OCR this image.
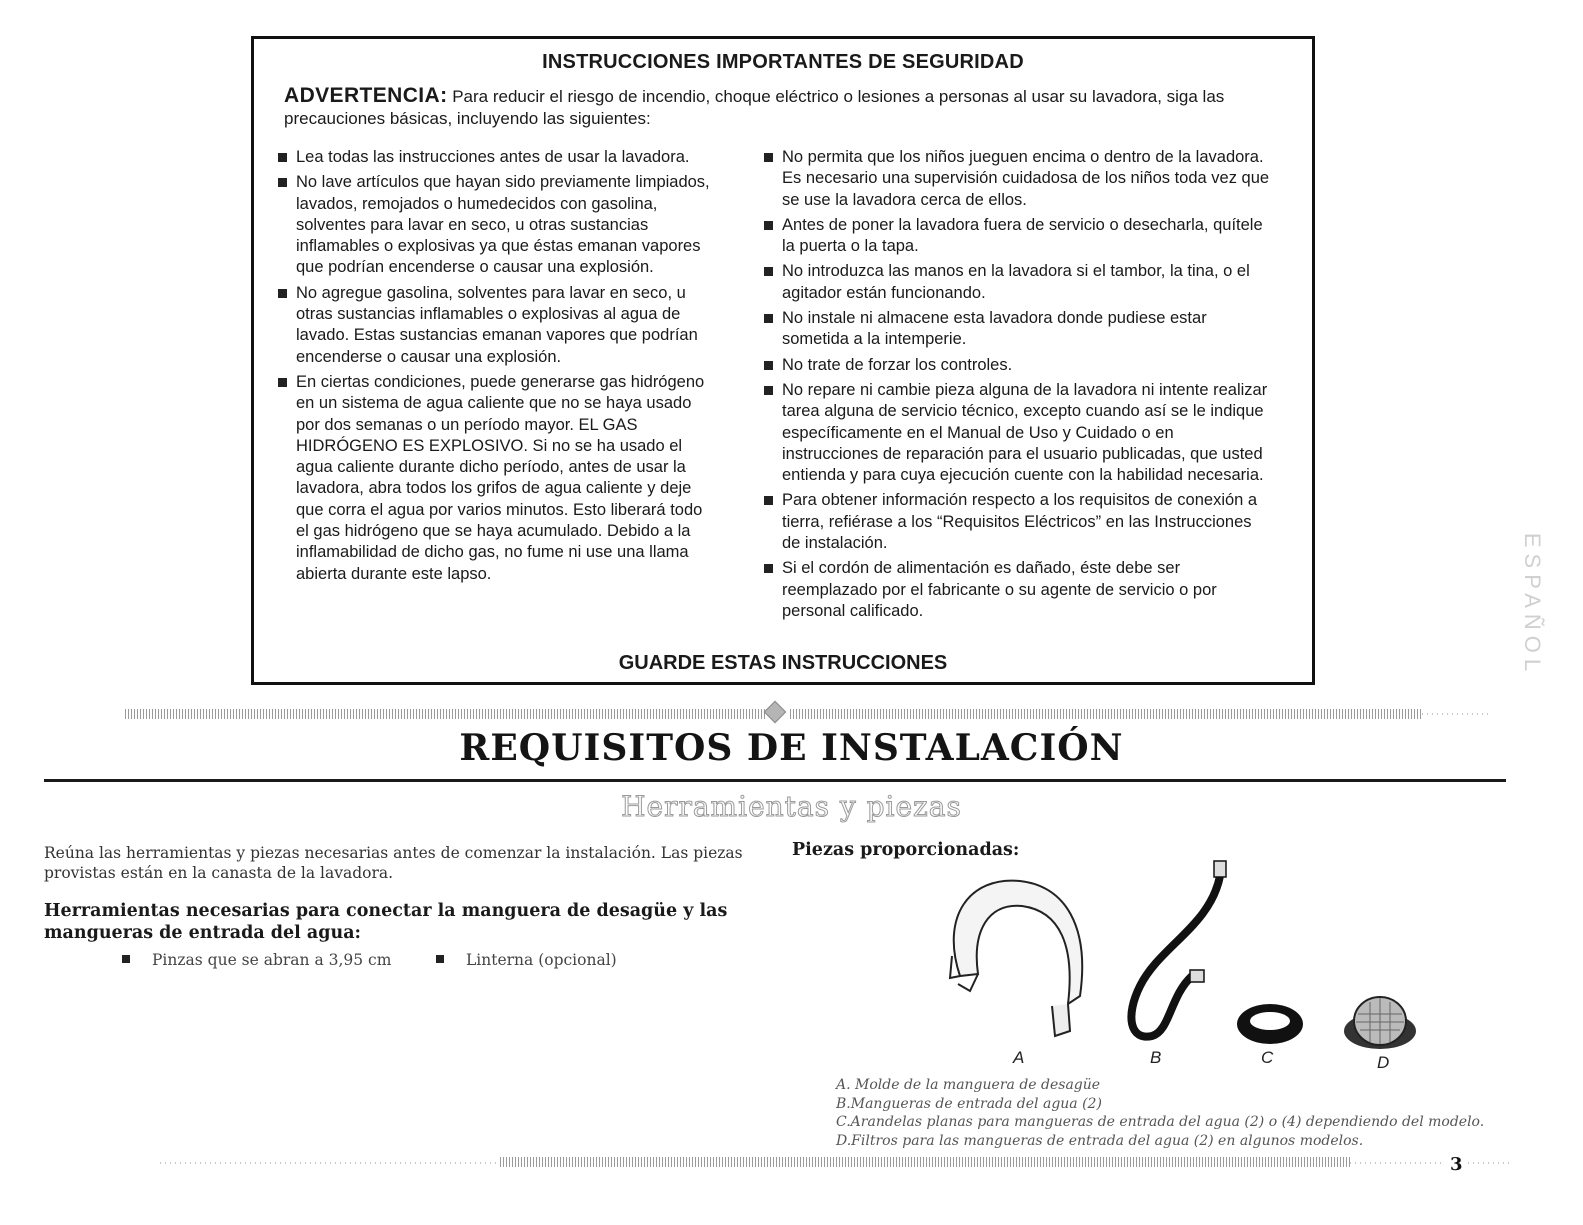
INSTRUCCIONES IMPORTANTES DE SEGURIDAD
ADVERTENCIA: Para reducir el riesgo de incendio, choque eléctrico o lesiones a personas al usar su lavadora, siga las precauciones básicas, incluyendo las siguientes:
Lea todas las instrucciones antes de usar la lavadora.
No lave artículos que hayan sido previamente limpiados, lavados, remojados o humedecidos con gasolina, solventes para lavar en seco, u otras sustancias inflamables o explosivas ya que éstas emanan vapores que podrían encenderse o causar una explosión.
No agregue gasolina, solventes para lavar en seco, u otras sustancias inflamables o explosivas al agua de lavado. Estas sustancias emanan vapores que podrían encenderse o causar una explosión.
En ciertas condiciones, puede generarse gas hidrógeno en un sistema de agua caliente que no se haya usado por dos semanas o un período mayor. EL GAS HIDRÓGENO ES EXPLOSIVO. Si no se ha usado el agua caliente durante dicho período, antes de usar la lavadora, abra todos los grifos de agua caliente y deje que corra el agua por varios minutos. Esto liberará todo el gas hidrógeno que se haya acumulado. Debido a la inflamabilidad de dicho gas, no fume ni use una llama abierta durante este lapso.
No permita que los niños jueguen encima o dentro de la lavadora. Es necesario una supervisión cuidadosa de los niños toda vez que se use la lavadora cerca de ellos.
Antes de poner la lavadora fuera de servicio o desecharla, quítele la puerta o la tapa.
No introduzca las manos en la lavadora si el tambor, la tina, o el agitador están funcionando.
No instale ni almacene esta lavadora donde pudiese estar sometida a la intemperie.
No trate de forzar los controles.
No repare ni cambie pieza alguna de la lavadora ni intente realizar tarea alguna de servicio técnico, excepto cuando así se le indique específicamente en el Manual de Uso y Cuidado o en instrucciones de reparación para el usuario publicadas, que usted entienda y para cuya ejecución cuente con la habilidad necesaria.
Para obtener información respecto a los requisitos de conexión a tierra, refiérase a los “Requisitos Eléctricos” en las Instrucciones de instalación.
Si el cordón de alimentación es dañado, éste debe ser reemplazado por el fabricante o su agente de servicio o por personal calificado.
GUARDE ESTAS INSTRUCCIONES	ESPAÑOL
REQUISITOS DE INSTALACIÓN
Herramientas y piezas
Reúna las herramientas y piezas necesarias antes de comenzar la instalación. Las piezas provistas están en la canasta de la lavadora.
Herramientas necesarias para conectar la manguera de desagüe y las mangueras de entrada del agua:
Pinzas que se abran a 3,95 cm	Linterna (opcional)
Piezas proporcionadas:
A	B	C	D
A. Molde de la manguera de desagüe
B.Mangueras de entrada del agua (2)
C.Arandelas planas para mangueras de entrada del agua (2) o (4) dependiendo del modelo.
D.Filtros para las mangueras de entrada del agua (2) en algunos modelos.
3
